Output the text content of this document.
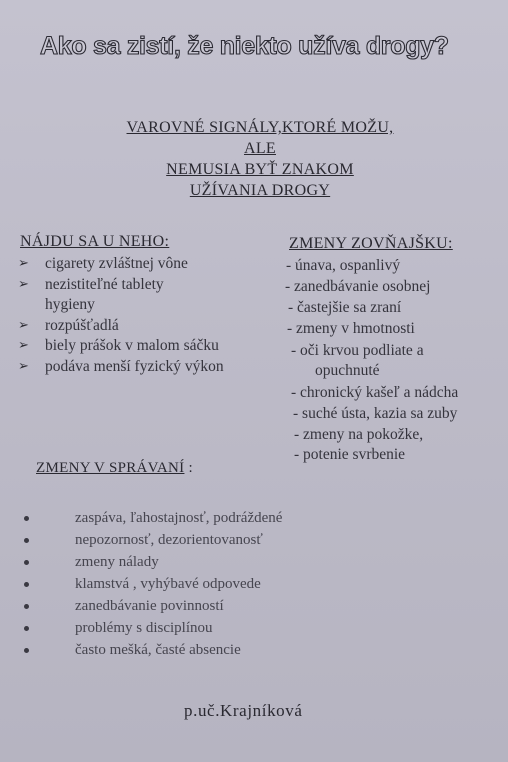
Ako sa zistí, že niekto užíva drogy?
VAROVNÉ SIGNÁLY,KTORÉ MOŽU,
ALE
NEMUSIA BYŤ ZNAKOM
UŽÍVANIA DROGY
NÁJDU SA U NEHO:
➢ cigarety zvláštnej vône
➢ nezistiteľné tablety
hygieny
➢ rozpúšťadlá
➢ biely prášok v malom sáčku
➢ podáva menší fyzický výkon
ZMENY ZOVŇAJŠKU:
- únava, ospanlivý
- zanedbávanie osobnej
- častejšie sa zraní
- zmeny v hmotnosti
- oči krvou podliate a
opuchnuté
- chronický kašeľ a nádcha
- suché ústa, kazia sa zuby
- zmeny na pokožke,
- potenie svrbenie
ZMENY V SPRÁVANÍ :
zaspáva, ľahostajnosť, podráždené
nepozornosť, dezorientovanosť
zmeny nálady
klamstvá , vyhýbavé odpovede
zanedbávanie povinností
problémy s disciplínou
často mešká, časté absencie
p.uč.Krajníková
